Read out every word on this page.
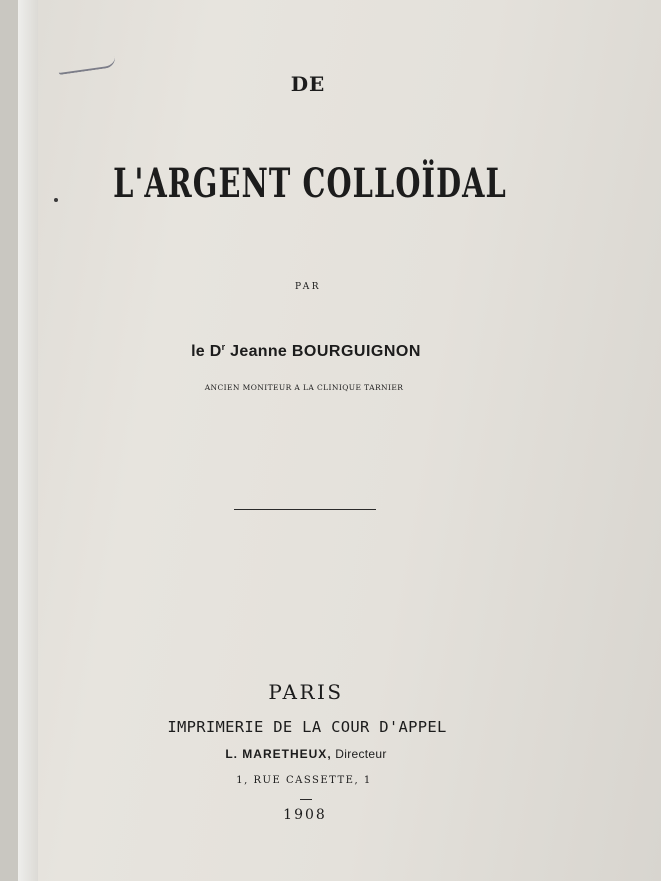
DE
L'ARGENT COLLOÏDAL
PAR
le $D^r$ Jeanne BOURGUIGNON
ANCIEN MONITEUR A LA CLINIQUE TARNIER
PARIS
IMPRIMERIE DE LA COUR D'APPEL
L. MARETHEUX, Directeur
1, RUE CASSETTE, 1
1908
